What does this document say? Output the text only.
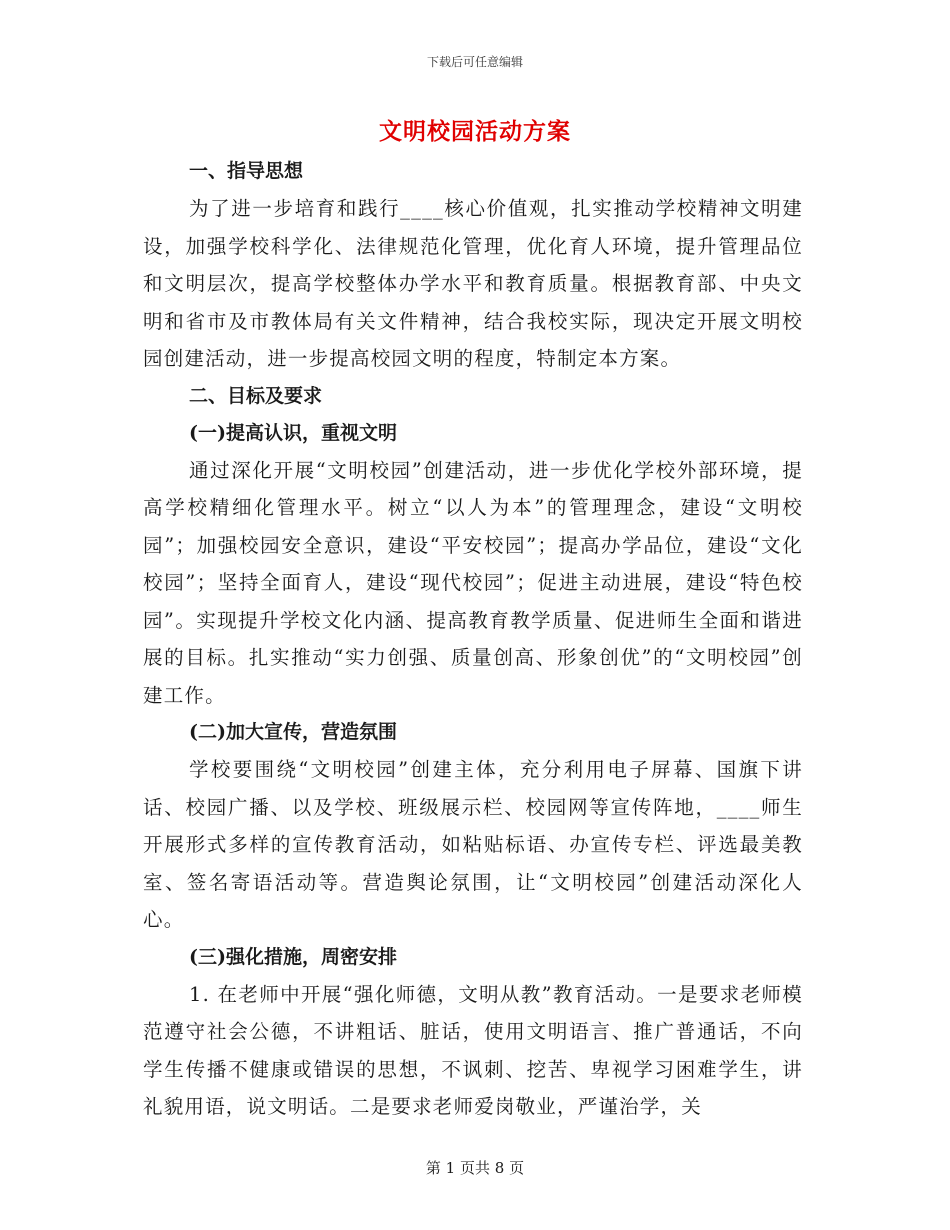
下载后可任意编辑
文明校园活动方案

一、指导思想

为了进一步培育和践行____核心价值观，扎实推动学校精神文明建设，加强学校科学化、法律规范化管理，优化育人环境，提升管理品位和文明层次，提高学校整体办学水平和教育质量。根据教育部、中央文明和省市及市教体局有关文件精神，结合我校实际，现决定开展文明校园创建活动，进一步提高校园文明的程度，特制定本方案。

二、目标及要求

(一)提高认识，重视文明

通过深化开展“文明校园”创建活动，进一步优化学校外部环境，提高学校精细化管理水平。树立“以人为本”的管理理念，建设“文明校园”；加强校园安全意识，建设“平安校园”；提高办学品位，建设“文化校园”；坚持全面育人，建设“现代校园”；促进主动进展，建设“特色校园”。实现提升学校文化内涵、提高教育教学质量、促进师生全面和谐进展的目标。扎实推动“实力创强、质量创高、形象创优”的“文明校园”创建工作。

(二)加大宣传，营造氛围

学校要围绕“文明校园”创建主体，充分利用电子屏幕、国旗下讲话、校园广播、以及学校、班级展示栏、校园网等宣传阵地，____师生开展形式多样的宣传教育活动，如粘贴标语、办宣传专栏、评选最美教室、签名寄语活动等。营造舆论氛围，让“文明校园”创建活动深化人心。

(三)强化措施，周密安排

1. 在老师中开展“强化师德，文明从教”教育活动。一是要求老师模范遵守社会公德，不讲粗话、脏话，使用文明语言、推广普通话，不向学生传播不健康或错误的思想，不讽刺、挖苦、卑视学习困难学生，讲礼貌用语，说文明话。二是要求老师爱岗敬业，严谨治学，关

第 1 页共 8 页
